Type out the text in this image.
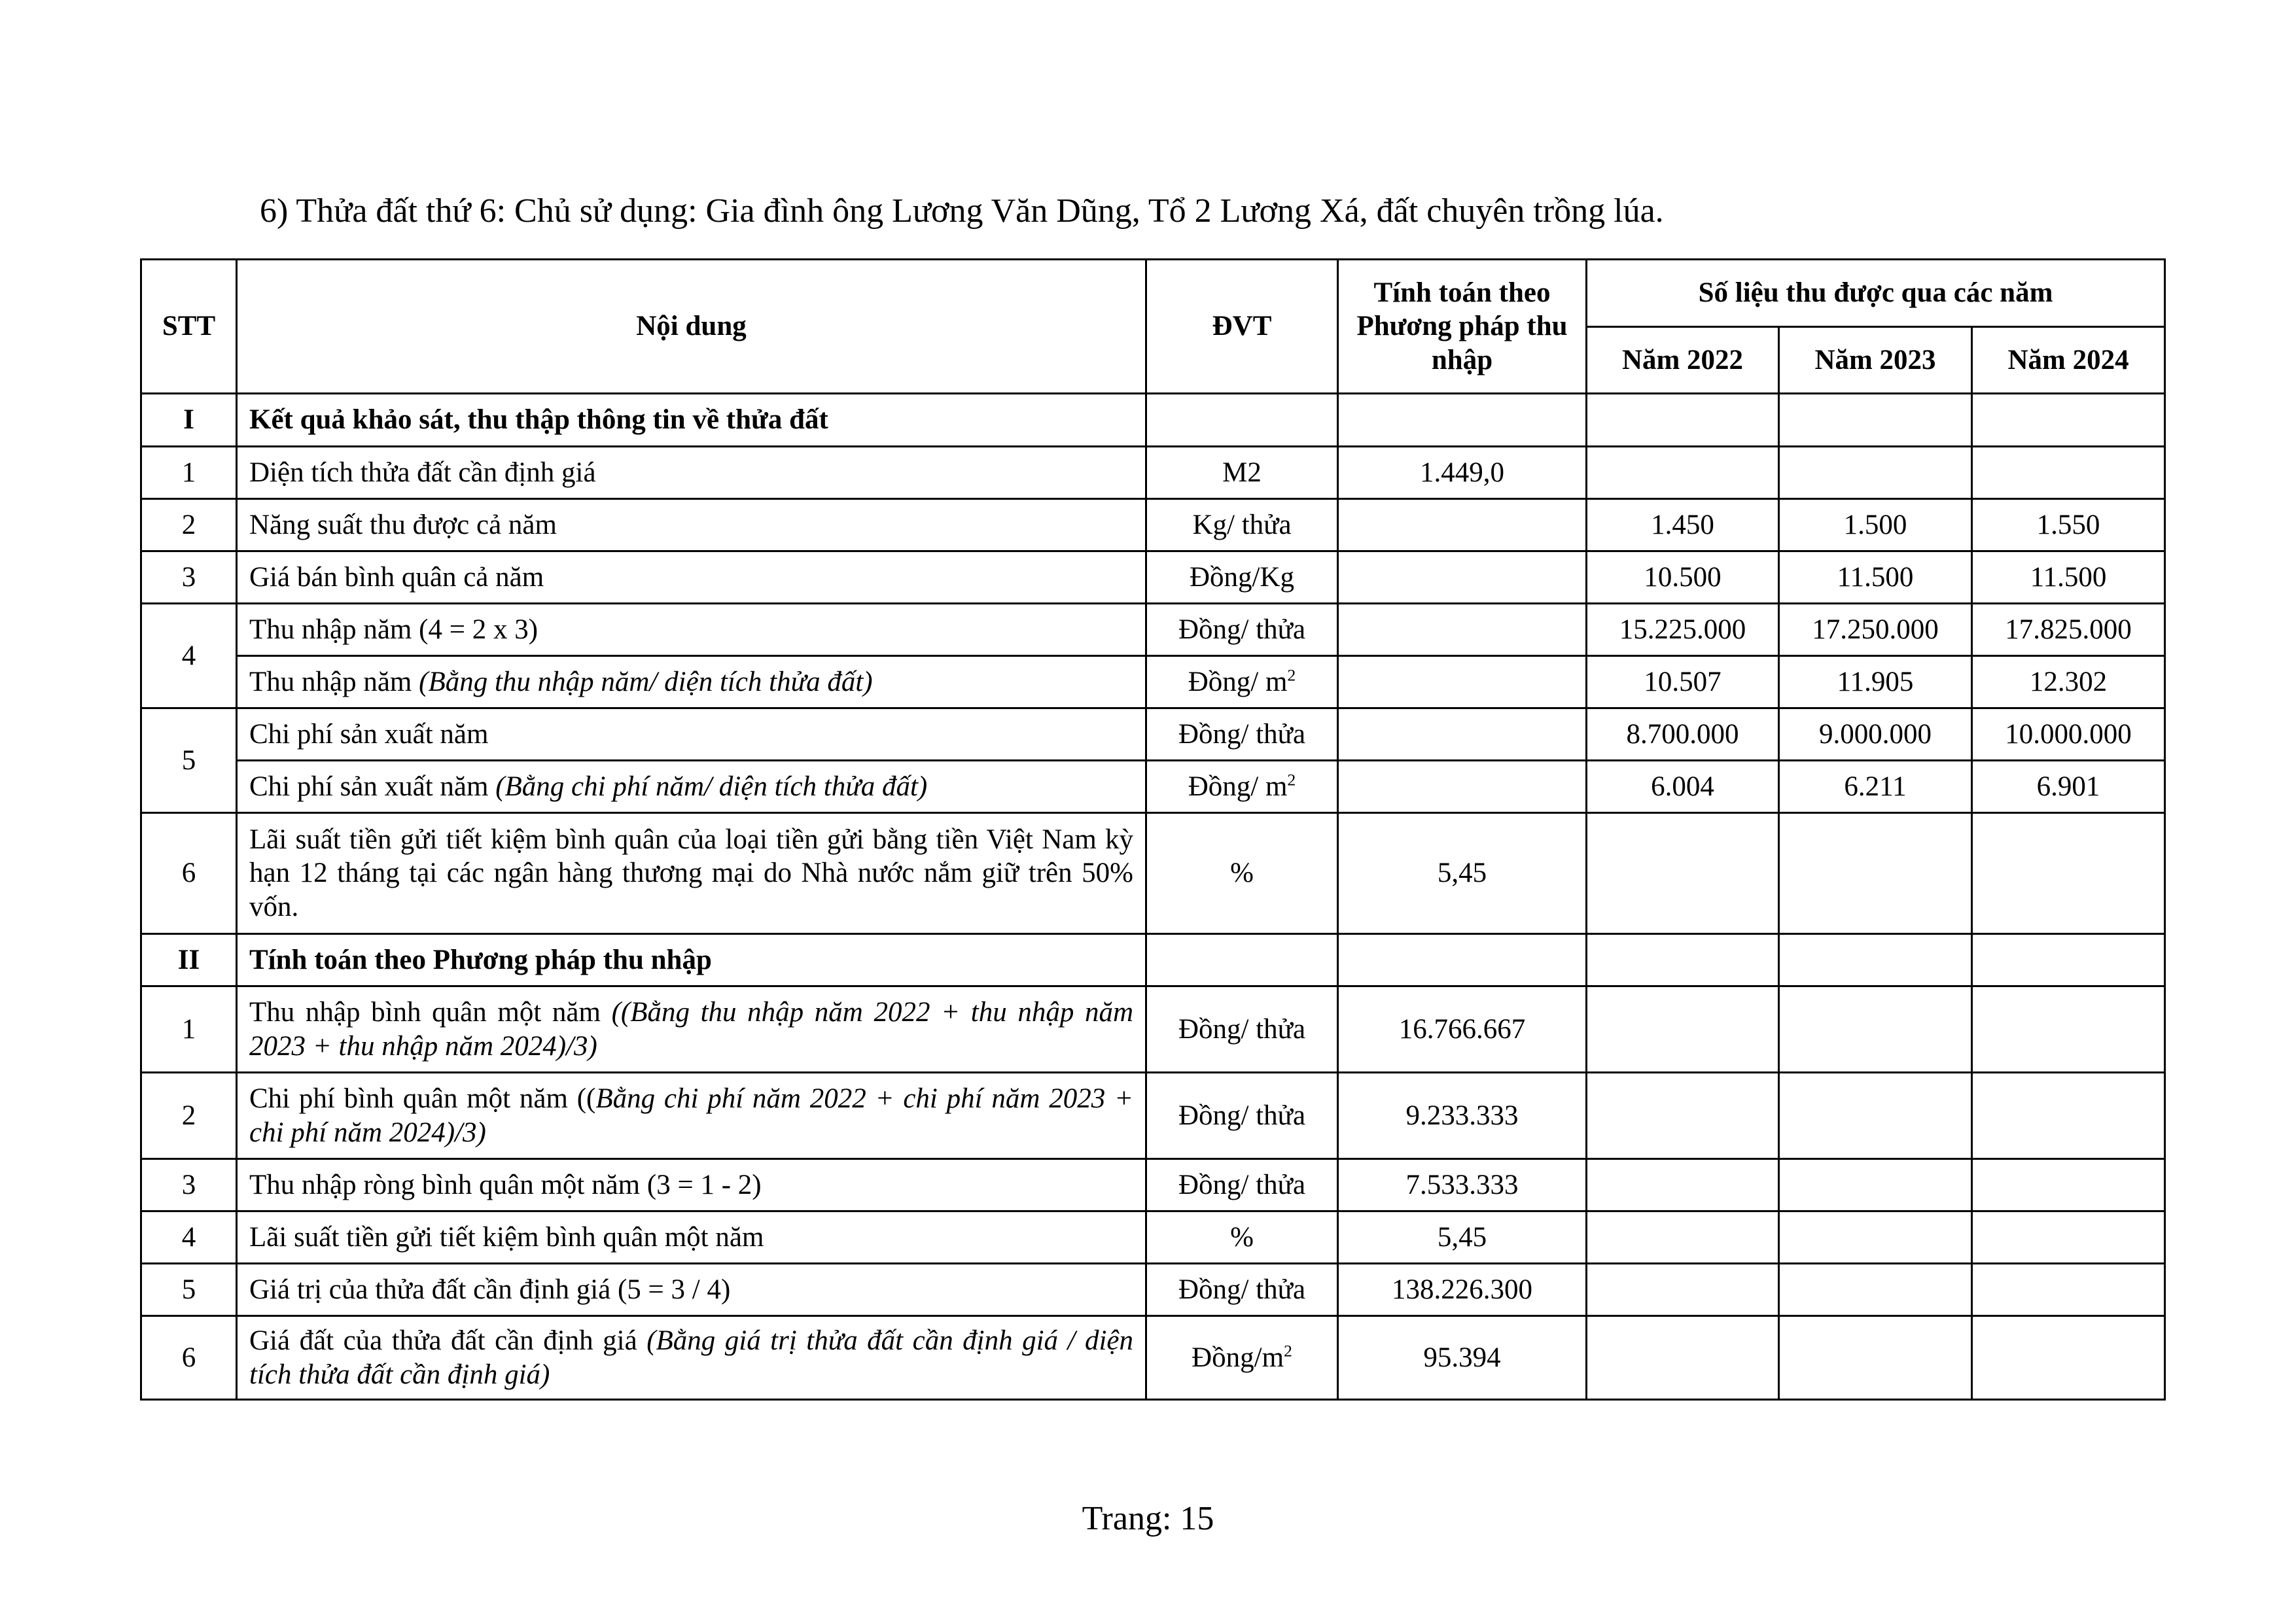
6) Thửa đất thứ 6: Chủ sử dụng: Gia đình ông Lương Văn Dũng, Tổ 2 Lương Xá, đất chuyên trồng lúa.
STT	Nội dung	ĐVT	Tính toán theo Phương pháp thu nhập	Số liệu thu được qua các năm		
				Năm 2022	Năm 2023	Năm 2024
I	Kết quả khảo sát, thu thập thông tin về thửa đất					
1	Diện tích thửa đất cần định giá	M2	1.449,0			
2	Năng suất thu được cả năm	Kg/ thửa		1.450	1.500	1.550
3	Giá bán bình quân cả năm	Đồng/Kg		10.500	11.500	11.500
4	Thu nhập năm (4 = 2 x 3)	Đồng/ thửa		15.225.000	17.250.000	17.825.000
	Thu nhập năm (Bằng thu nhập năm/ diện tích thửa đất)	Đồng/ $m^2$		10.507	11.905	12.302
5	Chi phí sản xuất năm	Đồng/ thửa		8.700.000	9.000.000	10.000.000
	Chi phí sản xuất năm (Bằng chi phí năm/ diện tích thửa đất)	Đồng/ $m^2$		6.004	6.211	6.901
6	Lãi suất tiền gửi tiết kiệm bình quân của loại tiền gửi bằng tiền Việt Nam kỳ hạn 12 tháng tại các ngân hàng thương mại do Nhà nước nắm giữ trên 50% vốn.	%	5,45			
II	Tính toán theo Phương pháp thu nhập					
1	Thu nhập bình quân một năm ((Bằng thu nhập năm 2022 + thu nhập năm 2023 + thu nhập năm 2024)/3)	Đồng/ thửa	16.766.667			
2	Chi phí bình quân một năm ((Bằng chi phí năm 2022 + chi phí năm 2023 + chi phí năm 2024)/3)	Đồng/ thửa	9.233.333			
3	Thu nhập ròng bình quân một năm (3 = 1 - 2)	Đồng/ thửa	7.533.333			
4	Lãi suất tiền gửi tiết kiệm bình quân một năm	%	5,45			
5	Giá trị của thửa đất cần định giá (5 = 3 / 4)	Đồng/ thửa	138.226.300			
6	Giá đất của thửa đất cần định giá (Bằng giá trị thửa đất cần định giá / diện tích thửa đất cần định giá)	Đồng/$m^2$	95.394			
Trang: 15
